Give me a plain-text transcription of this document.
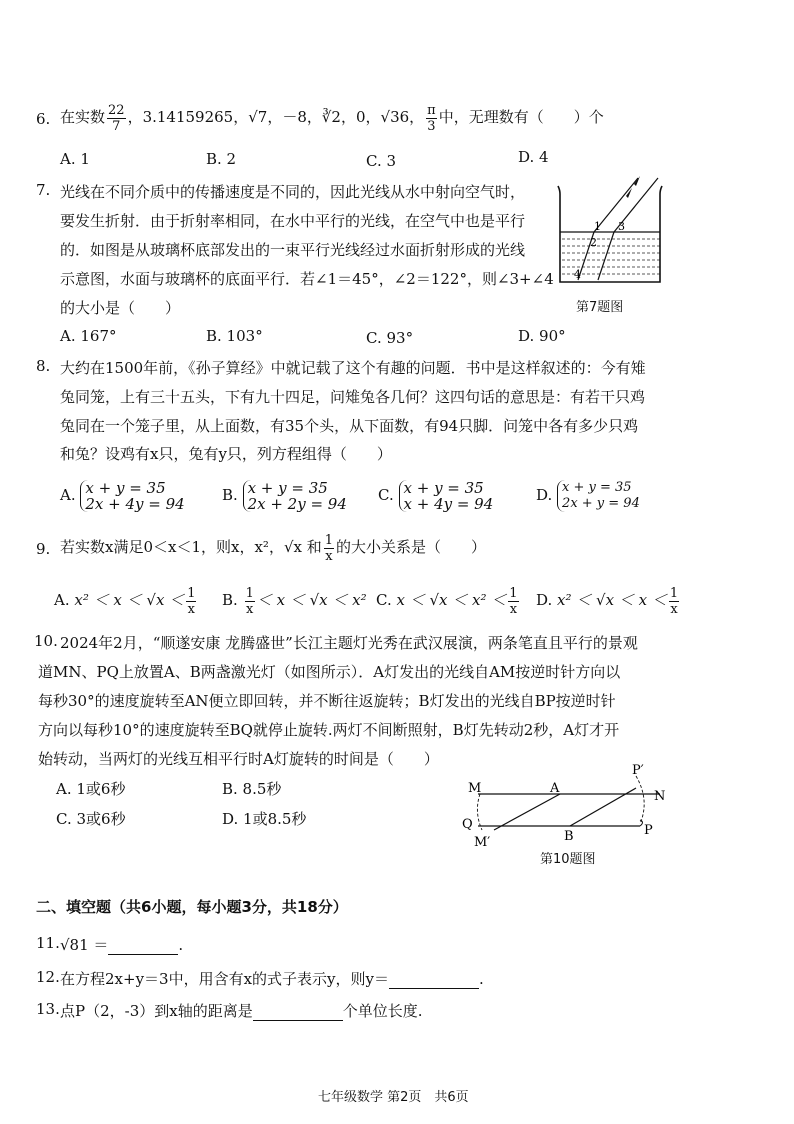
6. 在实数 $\frac{22}{7}$ ，3.14159265，√7，－8，∛2，0，√36， $\frac{\pi}{3}$ 中，无理数有（　　）个
A. 1	B. 2	C. 3	D. 4
7. 光线在不同介质中的传播速度是不同的，因此光线从水中射向空气时，
要发生折射．由于折射率相同，在水中平行的光线，在空气中也是平行
的．如图是从玻璃杯底部发出的一束平行光线经过水面折射形成的光线
示意图，水面与玻璃杯的底面平行．若∠1＝45°，∠2＝122°，则∠3+∠4
的大小是（　　）
A. 167°	B. 103°	C. 93°	D. 90°
1
2
3
4
第7题图
8. 大约在1500年前，《孙子算经》中就记载了这个有趣的问题．书中是这样叙述的：今有雉
兔同笼，上有三十五头，下有九十四足，问雉兔各几何？这四句话的意思是：有若干只鸡
兔同在一个笼子里，从上面数，有35个头，从下面数，有94只脚．问笼中各有多少只鸡
和兔？设鸡有x只，兔有y只，列方程组得（　　）
A. x + y = 35
2x + 4y = 94 B. x + y = 35
2x + 2y = 94 C. x + y = 35
x + 4y = 94	D. x + y = 35
2x + y = 94
9. 若实数x满足0＜x＜1，则x，x²，√x 和 $\frac{1}{x}$ 的大小关系是（　　）
A. $x^2 < x < √x < \frac{1}{x} B$. $\frac{1}{x} < x < √x < x^2$ C. $x < √x < x^2 < \frac{1}{x} D$. $x^2 < √x < x < \frac{1}{x}$
10. 2024年2月，“顺遂安康 龙腾盛世”长江主题灯光秀在武汉展演，两条笔直且平行的景观
道MN、PQ上放置A、B两盏激光灯（如图所示）．A灯发出的光线自AM按逆时针方向以
每秒30°的速度旋转至AN便立即回转，并不断往返旋转；B灯发出的光线自BP按逆时针
方向以每秒10°的速度旋转至BQ就停止旋转.两灯不间断照射，B灯先转动2秒，A灯才开
始转动，当两灯的光线互相平行时A灯旋转的时间是（　　）
A. 1或6秒	B. 8.5秒
C. 3或6秒	D. 1或8.5秒
M	A
P′
N
Q
B	P
M′
第10题图
二、填空题（共6小题，每小题3分，共18分）
11. √81 ＝	.
12. 在方程2x+y＝3中，用含有x的式子表示y，则y＝	.
13. 点P（2，-3）到x轴的距离是	个单位长度.
七年级数学 第2页　共6页
